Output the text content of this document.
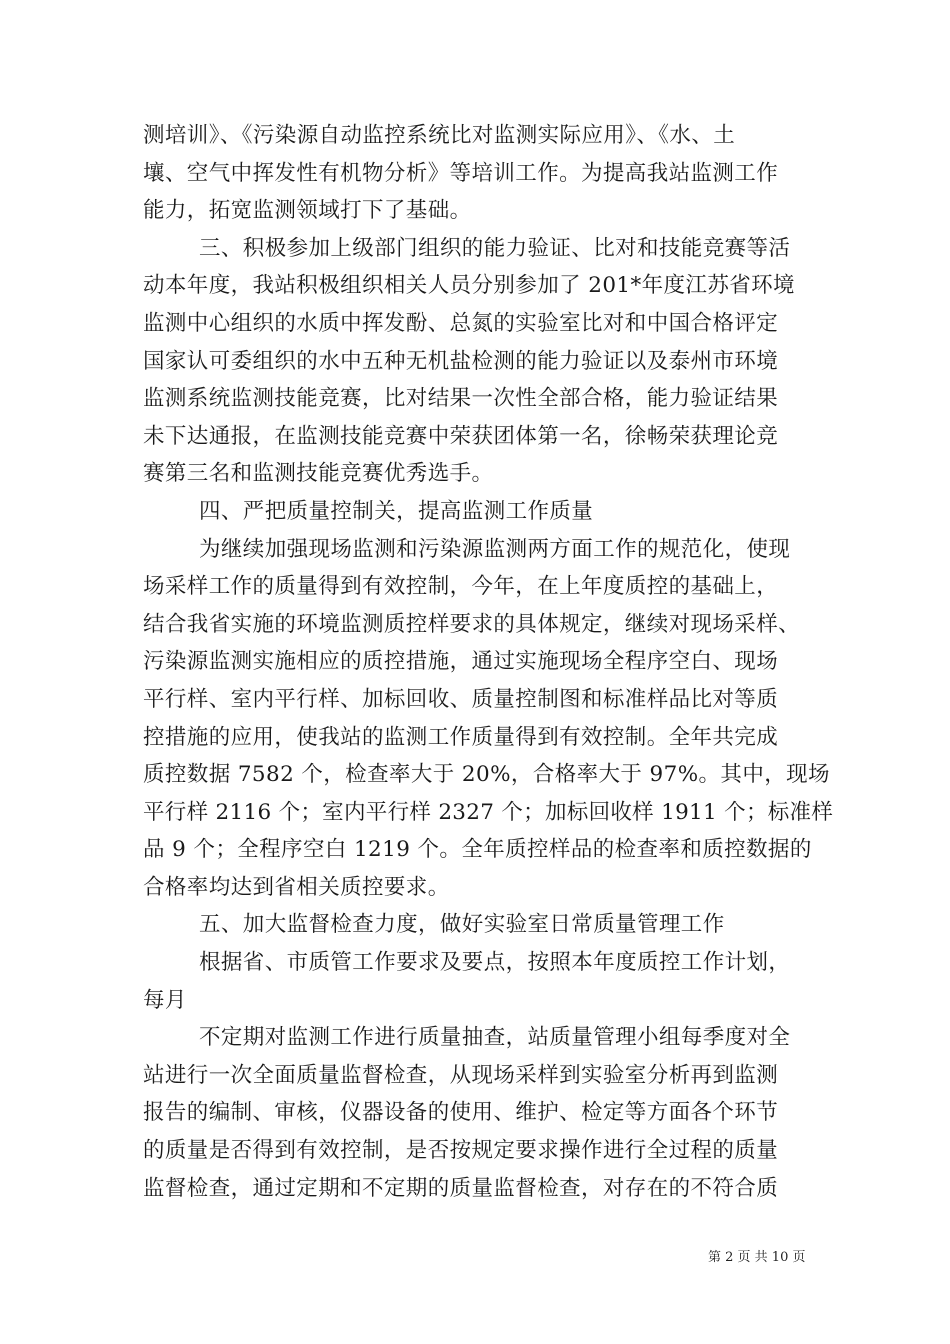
测培训》、《污染源自动监控系统比对监测实际应用》、《水、土

壤、空气中挥发性有机物分析》等培训工作。为提高我站监测工作

能力，拓宽监测领域打下了基础。

三、积极参加上级部门组织的能力验证、比对和技能竞赛等活

动本年度，我站积极组织相关人员分别参加了 201*年度江苏省环境

监测中心组织的水质中挥发酚、总氮的实验室比对和中国合格评定

国家认可委组织的水中五种无机盐检测的能力验证以及泰州市环境

监测系统监测技能竞赛，比对结果一次性全部合格，能力验证结果

未下达通报，在监测技能竞赛中荣获团体第一名，徐畅荣获理论竞

赛第三名和监测技能竞赛优秀选手。

四、严把质量控制关，提高监测工作质量

为继续加强现场监测和污染源监测两方面工作的规范化，使现

场采样工作的质量得到有效控制，今年，在上年度质控的基础上，

结合我省实施的环境监测质控样要求的具体规定，继续对现场采样、

污染源监测实施相应的质控措施，通过实施现场全程序空白、现场

平行样、室内平行样、加标回收、质量控制图和标准样品比对等质

控措施的应用，使我站的监测工作质量得到有效控制。全年共完成

质控数据 7582 个，检查率大于 20%，合格率大于 97%。其中，现场

平行样 2116 个；室内平行样 2327 个；加标回收样 1911 个；标准样

品 9 个；全程序空白 1219 个。全年质控样品的检查率和质控数据的

合格率均达到省相关质控要求。

五、加大监督检查力度，做好实验室日常质量管理工作

根据省、市质管工作要求及要点，按照本年度质控工作计划，

每月

不定期对监测工作进行质量抽查，站质量管理小组每季度对全

站进行一次全面质量监督检查，从现场采样到实验室分析再到监测

报告的编制、审核，仪器设备的使用、维护、检定等方面各个环节

的质量是否得到有效控制，是否按规定要求操作进行全过程的质量

监督检查，通过定期和不定期的质量监督检查，对存在的不符合质

第 2 页 共 10 页
